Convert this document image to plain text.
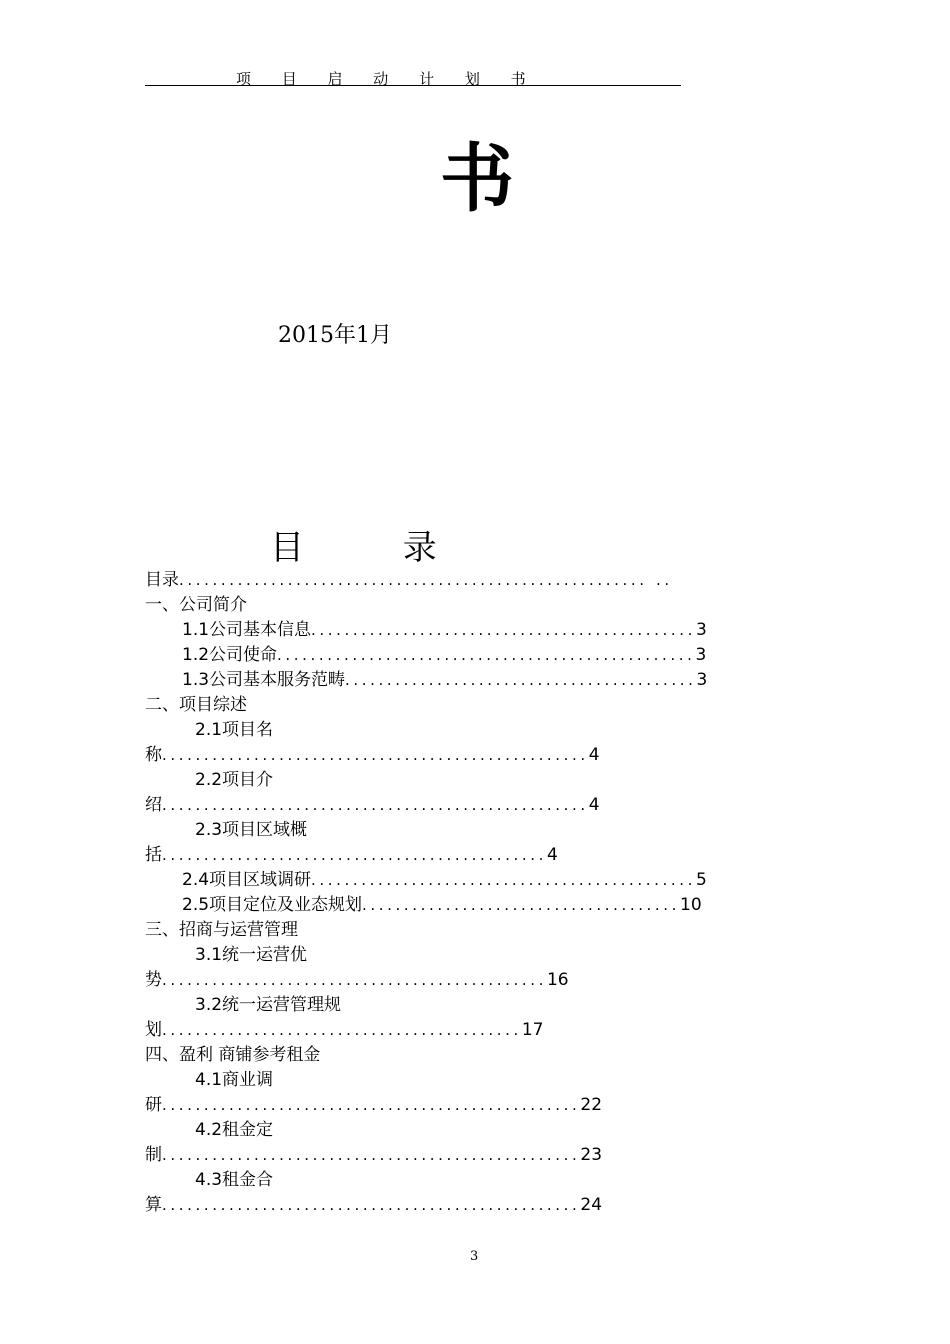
项 目 启 动 计 划 书
书
2015年1月
目 录
目录........................................................ ..
一、公司简介
1.1公司基本信息..............................................3
1.2公司使命..................................................3
1.3公司基本服务范畴..........................................3
二、项目综述
2.1项目名
称...................................................4
2.2项目介
绍...................................................4
2.3项目区域概
括..............................................4
2.4项目区域调研..............................................5
2.5项目定位及业态规划......................................10
三、招商与运营管理
3.1统一运营优
势..............................................16
3.2统一运营管理规
划...........................................17
四、盈利 商铺参考租金
4.1商业调
研..................................................22
4.2租金定
制..................................................23
4.3租金合
算..................................................24
3
